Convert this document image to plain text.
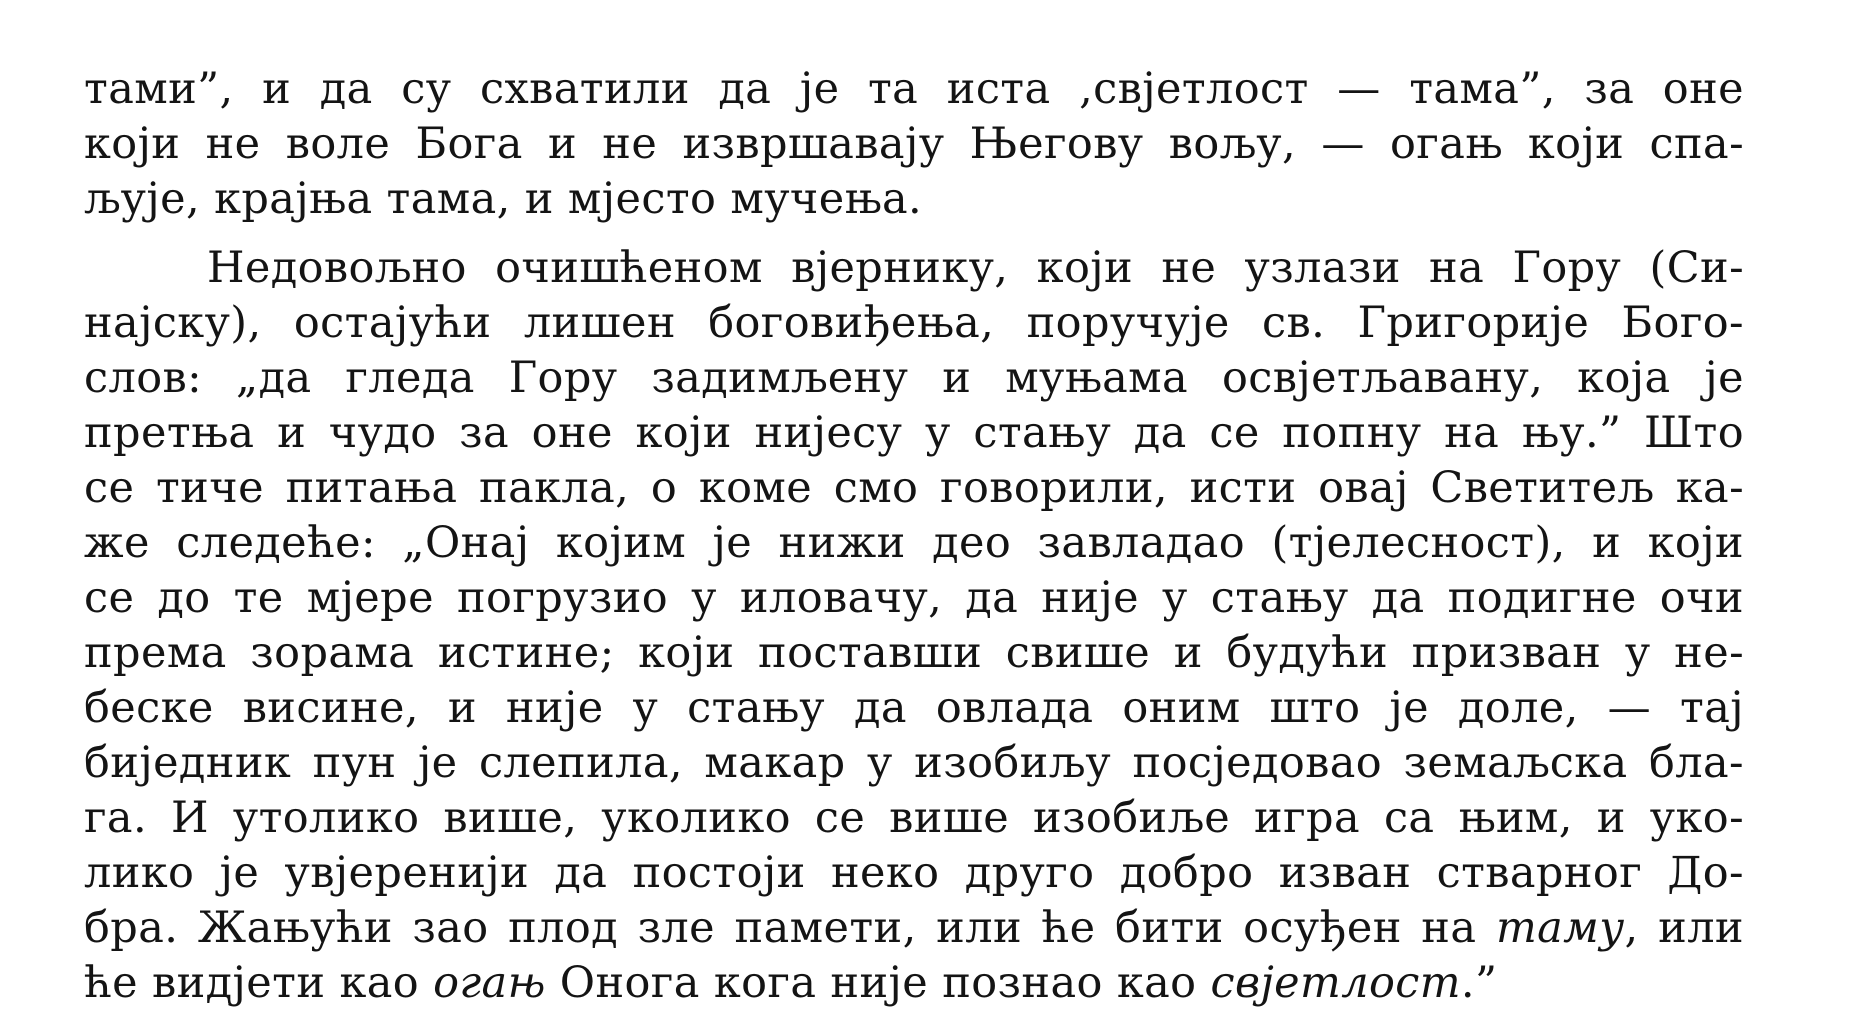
тами”, и да су схватили да је та иста ,свјетлост — тама”, за оне
који не воле Бога и не извршавају Његову вољу, — огањ који спа-
љује, крајња тама, и мјесто мучења.
Недовољно очишћеном вјернику, који не узлази на Гору (Си-
најску), остајући лишен боговиђења, поручује св. Григорије Бого-
слов: „да гледа Гору задимљену и муњама освјетљавану, која је
претња и чудо за оне који нијесу у стању да се попну на њу.” Што
се тиче питања пакла, о коме смо говорили, исти овај Светитељ ка-
же следеће: „Онај којим је нижи део завладао (тјелесност), и који
се до те мјере погрузио у иловачу, да није у стању да подигне очи
према зорама истине; који поставши свише и будући призван у не-
беске висине, и није у стању да овлада оним што је доле, — тај
биједник пун је слепила, макар у изобиљу посједовао земаљска бла-
га. И утолико више, уколико се више изобиље игра са њим, и уко-
лико је увјеренији да постоји неко друго добро изван стварног До-
бра. Жањући зао плод зле памети, или ће бити осуђен на таму, или
ће видјети као огањ Онога кога није познао као свјетлост.”
